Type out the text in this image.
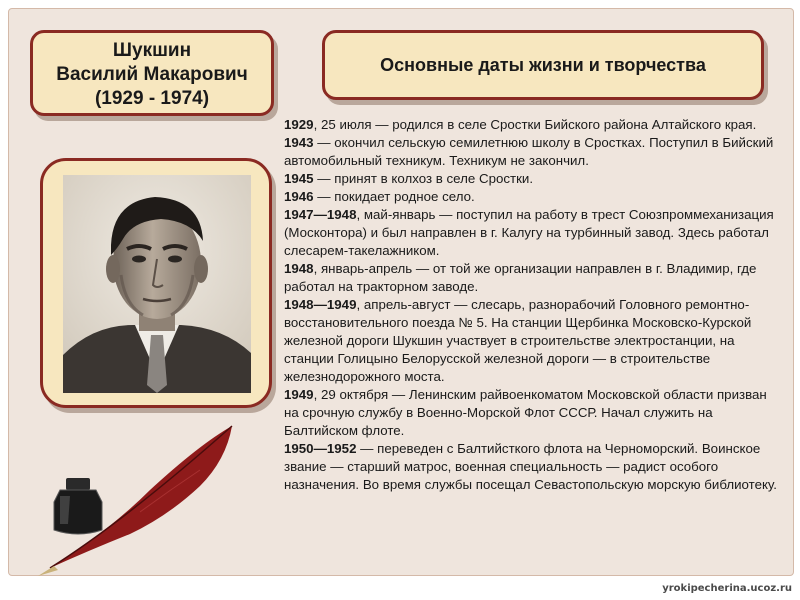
Шукшин
Василий Макарович
(1929 - 1974)
Основные даты жизни и творчества

1929, 25 июля — родился в селе Сростки Бийского района Алтайского края.

1943 — окончил сельскую семилетнюю школу в Сростках. Поступил в Бийский автомобильный техникум. Техникум не закончил.

1945 — принят в колхоз в селе Сростки.

1946 — покидает родное село.

1947—1948, май-январь — поступил на работу в трест Союзпроммеханизация (Москонтора) и был направлен в г. Калугу на турбинный завод. Здесь работал слесарем-такелажником.

1948, январь-апрель — от той же организации направлен в г. Владимир, где работал на тракторном заводе.

1948—1949, апрель-август — слесарь, разнорабочий Головного ремонтно-восстановительного поезда № 5. На станции Щербинка Московско-Курской железной дороги Шукшин участвует в строительстве электростанции, на станции Голицыно Белорусской железной дороги — в строительстве железнодорожного моста.

1949, 29 октября — Ленинским райвоенкоматом Московской области призван на срочную службу в Военно-Морской Флот СССР. Начал служить на Балтийском флоте.

1950—1952 — переведен с Балтийсткого флота на Черноморский. Воинское звание — старший матрос, военная специальность — радист особого назначения. Во время службы посещал Севастопольскую морскую библиотеку.

yrokipecherina.ucoz.ru
